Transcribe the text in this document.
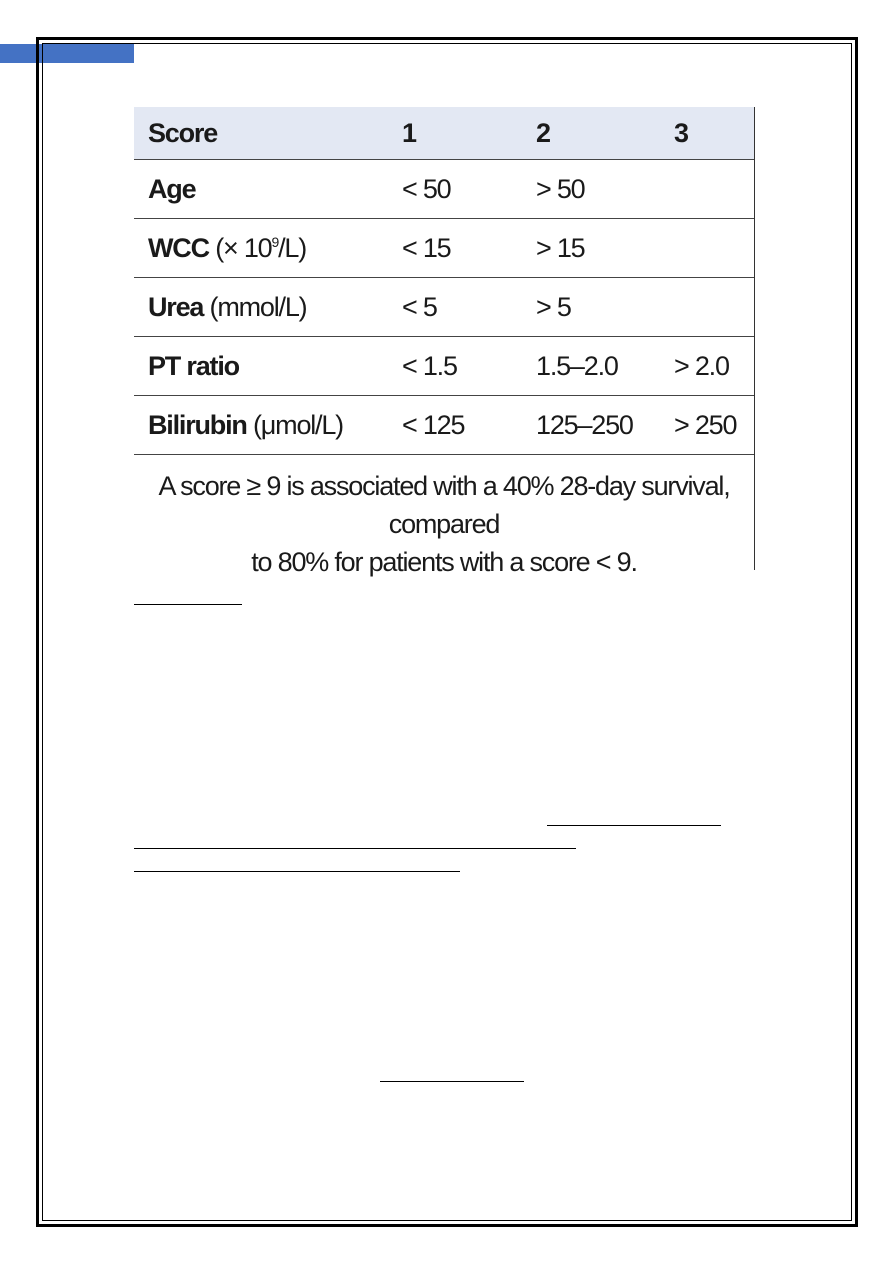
Score	1	2	3
Age	< 50	> 50	
WCC (× $10^9/L$)	< 15	> 15	
Urea (mmol/L)	< 5	> 5	
PT ratio	< 1.5	1.5–2.0	> 2.0
Bilirubin (μmol/L)	< 125	125–250	> 250

A score ≥ 9 is associated with a 40% 28-day survival, compared
to 80% for patients with a score < 9.			
